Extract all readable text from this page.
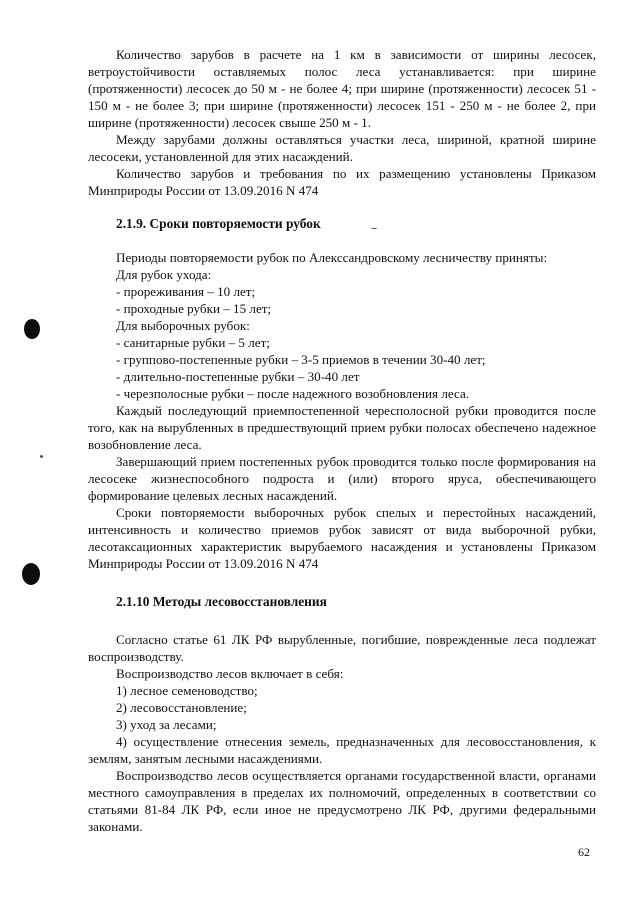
Количество зарубов в расчете на 1 км в зависимости от ширины лесосек, ветроустойчивости оставляемых полос леса устанавливается: при ширине (протяженности) лесосек до 50 м - не более 4; при ширине (протяженности) лесосек 51 - 150 м - не более 3; при ширине (протяженности) лесосек 151 - 250 м - не более 2, при ширине (протяженности) лесосек свыше 250 м - 1.

Между зарубами должны оставляться участки леса, шириной, кратной ширине лесосеки, установленной для этих насаждений.

Количество зарубов и требования по их размещению установлены Приказом Минприроды России от 13.09.2016 N 474

2.1.9. Сроки повторяемости рубок

Периоды повторяемости рубок по Алексcандровскому лесничеству приняты:

Для рубок ухода:

- прореживания – 10 лет;

- проходные рубки – 15 лет;

Для выборочных рубок:

- санитарные рубки – 5 лет;

- группово-постепенные рубки – 3-5 приемов в течении 30-40 лет;

- длительно-постепенные рубки – 30-40 лет

- черезполосные рубки – после надежного возобновления леса.

Каждый последующий приемпостепенной чересполосной рубки проводится после того, как на вырубленных в предшествующий прием рубки полосах обеспечено надежное возобновление леса.

Завершающий прием постепенных рубок проводится только после формирования на лесосеке жизнеспособного подроста и (или) второго яруса, обеспечивающего формирование целевых лесных насаждений.

Сроки повторяемости выборочных рубок спелых и перестойных насаждений, интенсивность и количество приемов рубок зависят от вида выборочной рубки, лесотаксационных характеристик вырубаемого насаждения и установлены Приказом Минприроды России от 13.09.2016 N 474

2.1.10 Методы лесовосстановления

Согласно статье 61 ЛК РФ вырубленные, погибшие, поврежденные леса подлежат воспроизводству.

Воспроизводство лесов включает в себя:

1) лесное семеноводство;

2) лесовосстановление;

3) уход за лесами;

4) осуществление отнесения земель, предназначенных для лесовосстановления, к землям, занятым лесными насаждениями.

Воспроизводство лесов осуществляется органами государственной власти, органами местного самоуправления в пределах их полномочий, определенных в соответствии со статьями 81-84 ЛК РФ, если иное не предусмотрено ЛК РФ, другими федеральными законами.

62
